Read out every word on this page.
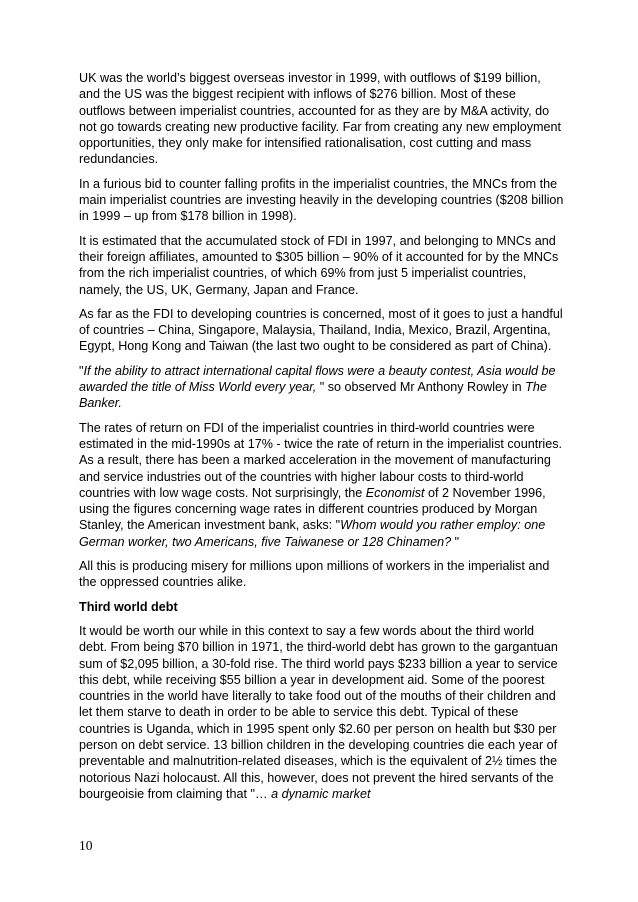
UK was the world’s biggest overseas investor in 1999, with outflows of $199 billion, and the US was the biggest recipient with inflows of $276 billion. Most of these outflows between imperialist countries, accounted for as they are by M&A activity, do not go towards creating new productive facility. Far from creating any new employment opportunities, they only make for intensified rationalisation, cost cutting and mass redundancies.

In a furious bid to counter falling profits in the imperialist countries, the MNCs from the main imperialist countries are investing heavily in the developing countries ($208 billion in 1999 – up from $178 billion in 1998).

It is estimated that the accumulated stock of FDI in 1997, and belonging to MNCs and their foreign affiliates, amounted to $305 billion – 90% of it accounted for by the MNCs from the rich imperialist countries, of which 69% from just 5 imperialist countries, namely, the US, UK, Germany, Japan and France.

As far as the FDI to developing countries is concerned, most of it goes to just a handful of countries – China, Singapore, Malaysia, Thailand, India, Mexico, Brazil, Argentina, Egypt, Hong Kong and Taiwan (the last two ought to be considered as part of China).

"If the ability to attract international capital flows were a beauty contest, Asia would be awarded the title of Miss World every year, " so observed Mr Anthony Rowley in The Banker.

The rates of return on FDI of the imperialist countries in third-world countries were estimated in the mid-1990s at 17% - twice the rate of return in the imperialist countries. As a result, there has been a marked acceleration in the movement of manufacturing and service industries out of the countries with higher labour costs to third-world countries with low wage costs. Not surprisingly, the Economist of 2 November 1996, using the figures concerning wage rates in different countries produced by Morgan Stanley, the American investment bank, asks: "Whom would you rather employ: one German worker, two Americans, five Taiwanese or 128 Chinamen? "

All this is producing misery for millions upon millions of workers in the imperialist and the oppressed countries alike.

Third world debt

It would be worth our while in this context to say a few words about the third world debt. From being $70 billion in 1971, the third-world debt has grown to the gargantuan sum of $2,095 billion, a 30-fold rise. The third world pays $233 billion a year to service this debt, while receiving $55 billion a year in development aid. Some of the poorest countries in the world have literally to take food out of the mouths of their children and let them starve to death in order to be able to service this debt. Typical of these countries is Uganda, which in 1995 spent only $2.60 per person on health but $30 per person on debt service. 13 billion children in the developing countries die each year of preventable and malnutrition-related diseases, which is the equivalent of 2½ times the notorious Nazi holocaust. All this, however, does not prevent the hired servants of the bourgeoisie from claiming that "… a dynamic market

10
